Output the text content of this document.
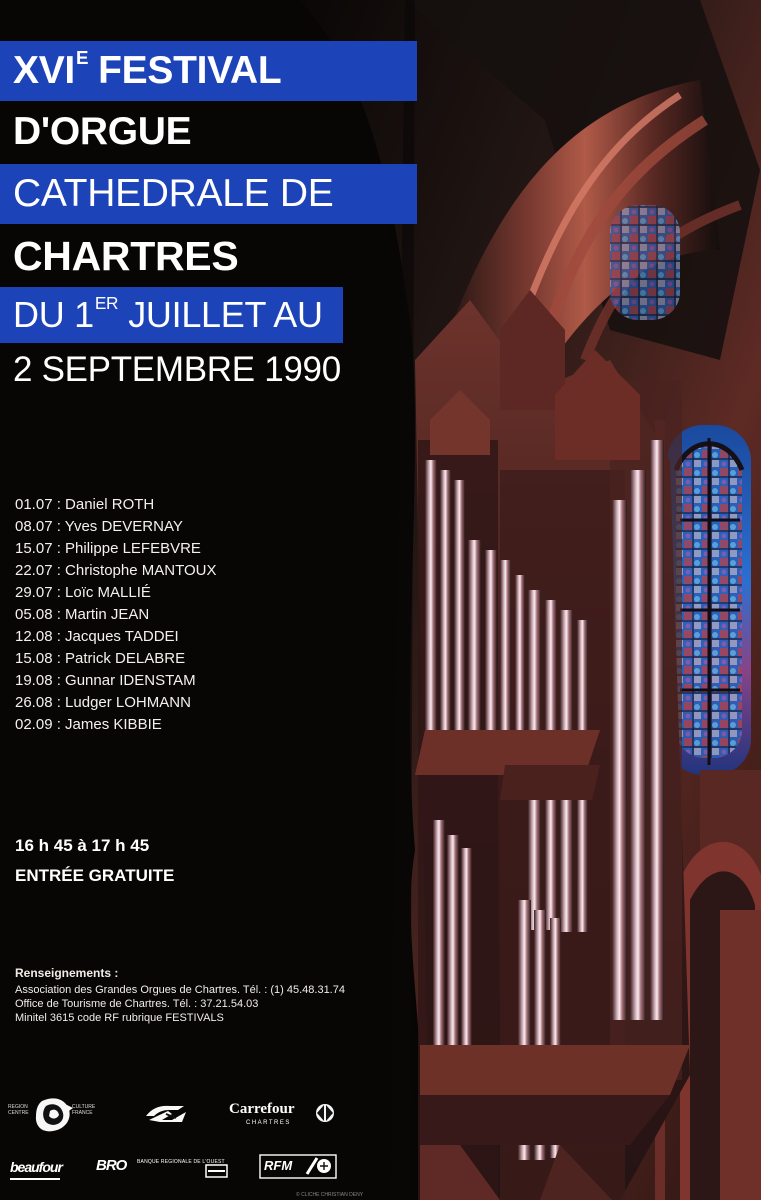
$XVI^E$ FESTIVAL
D'ORGUE
CATHEDRALE DE
CHARTRES
DU 1ER JUILLET AU
2 SEPTEMBRE 1990
01.07 : Daniel ROTH
08.07 : Yves DEVERNAY
15.07 : Philippe LEFEBVRE
22.07 : Christophe MANTOUX
29.07 : Loïc MALLIÉ
05.08 : Martin JEAN
12.08 : Jacques TADDEI
15.08 : Patrick DELABRE
19.08 : Gunnar IDENSTAM
26.08 : Ludger LOHMANN
02.09 : James KIBBIE
16 h 45 à 17 h 45
ENTRÉE GRATUITE
Renseignements :
Association des Grandes Orgues de Chartres. Tél. : (1) 45.48.31.74
Office de Tourisme de Chartres. Tél. : 37.21.54.03
Minitel 3615 code RF rubrique FESTIVALS
REGION
CENTRE
CULTURE
FRANCE	Carrefour
CHARTRES
beaufour BRO BANQUE REGIONALE DE L'OUEST	RFM
© CLICHE CHRISTIAN DENY
